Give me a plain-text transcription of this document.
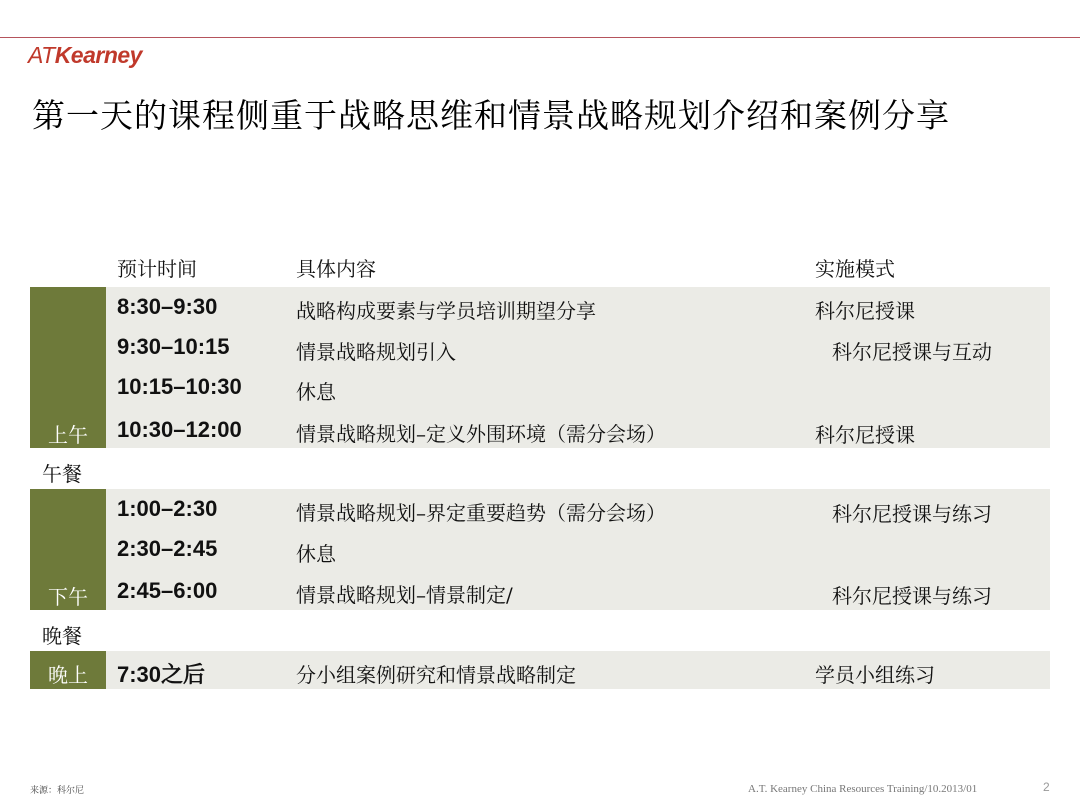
ATKearney
第一天的课程侧重于战略思维和情景战略规划介绍和案例分享
预计时间	具体内容	实施模式
上午
8:30–9:30	战略构成要素与学员培训期望分享	科尔尼授课
9:30–10:15	情景战略规划引入	科尔尼授课与互动
10:15–10:30	休息
10:30–12:00	情景战略规划–定义外围环境（需分会场）	科尔尼授课
午餐
下午
1:00–2:30	情景战略规划–界定重要趋势（需分会场）	科尔尼授课与练习
2:30–2:45	休息
2:45–6:00	情景战略规划–情景制定/	科尔尼授课与练习
晚餐
晚上	7:30之后	分小组案例研究和情景战略制定	学员小组练习
来源：科尔尼	A.T. Kearney China Resources Training/10.2013/01	2
